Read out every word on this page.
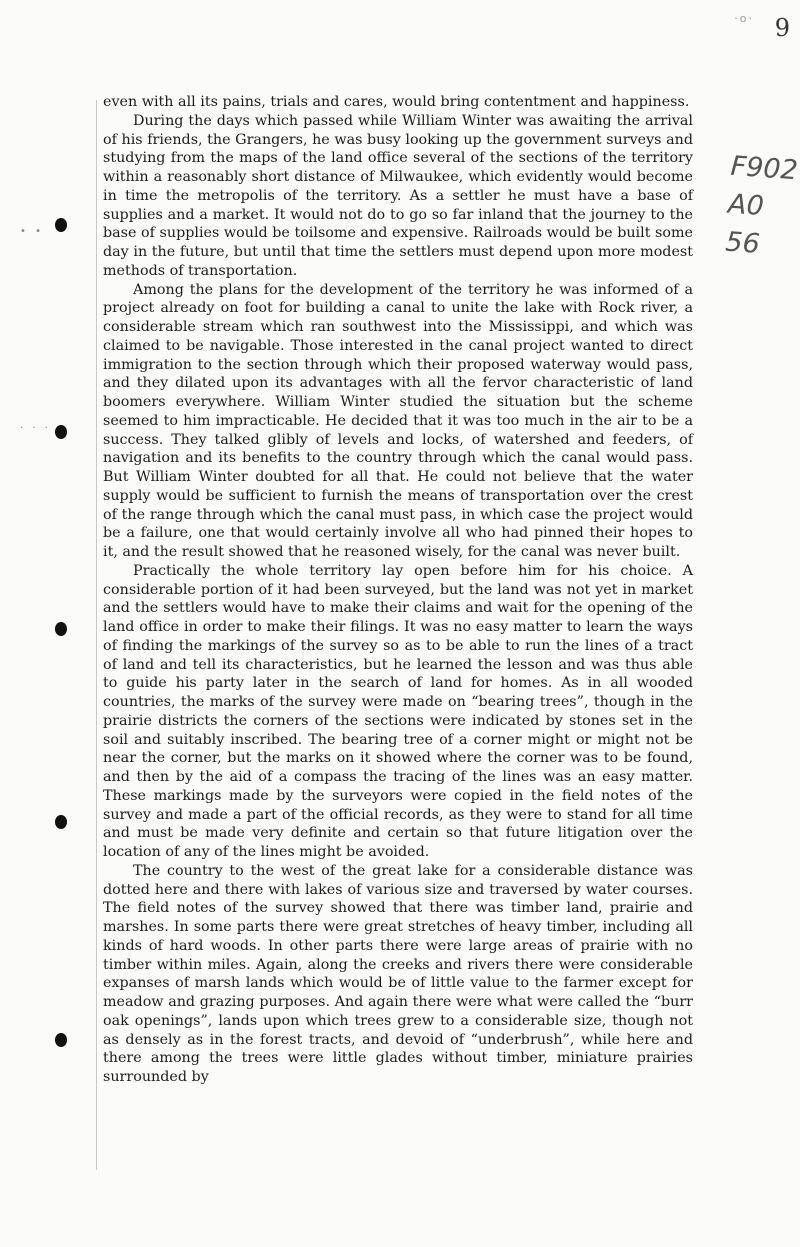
·o· 9
F902
A0
56
• •
· · ·

even with all its pains, trials and cares, would bring contentment and happiness.

During the days which passed while William Winter was awaiting the arrival of his friends, the Grangers, he was busy looking up the government surveys and studying from the maps of the land office several of the sections of the territory within a reasonably short distance of Milwaukee, which evidently would become in time the metropolis of the territory. As a settler he must have a base of supplies and a market. It would not do to go so far inland that the journey to the base of supplies would be toilsome and expensive. Railroads would be built some day in the future, but until that time the settlers must depend upon more modest methods of transportation.

Among the plans for the development of the territory he was informed of a project already on foot for building a canal to unite the lake with Rock river, a considerable stream which ran southwest into the Mississippi, and which was claimed to be navigable. Those interested in the canal project wanted to direct immigration to the section through which their proposed waterway would pass, and they dilated upon its advantages with all the fervor characteristic of land boomers everywhere. William Winter studied the situation but the scheme seemed to him impracticable. He decided that it was too much in the air to be a success. They talked glibly of levels and locks, of watershed and feeders, of navigation and its benefits to the country through which the canal would pass. But William Winter doubted for all that. He could not believe that the water supply would be sufficient to furnish the means of transportation over the crest of the range through which the canal must pass, in which case the project would be a failure, one that would certainly involve all who had pinned their hopes to it, and the result showed that he reasoned wisely, for the canal was never built.

Practically the whole territory lay open before him for his choice. A considerable portion of it had been surveyed, but the land was not yet in market and the settlers would have to make their claims and wait for the opening of the land office in order to make their filings. It was no easy matter to learn the ways of finding the markings of the survey so as to be able to run the lines of a tract of land and tell its characteristics, but he learned the lesson and was thus able to guide his party later in the search of land for homes. As in all wooded countries, the marks of the survey were made on “bearing trees”, though in the prairie districts the corners of the sections were indicated by stones set in the soil and suitably inscribed. The bearing tree of a corner might or might not be near the corner, but the marks on it showed where the corner was to be found, and then by the aid of a compass the tracing of the lines was an easy matter. These markings made by the surveyors were copied in the field notes of the survey and made a part of the official records, as they were to stand for all time and must be made very definite and certain so that future litigation over the location of any of the lines might be avoided.

The country to the west of the great lake for a considerable distance was dotted here and there with lakes of various size and traversed by water courses. The field notes of the survey showed that there was timber land, prairie and marshes. In some parts there were great stretches of heavy timber, including all kinds of hard woods. In other parts there were large areas of prairie with no timber within miles. Again, along the creeks and rivers there were considerable expanses of marsh lands which would be of little value to the farmer except for meadow and grazing purposes. And again there were what were called the “burr oak openings”, lands upon which trees grew to a considerable size, though not as densely as in the forest tracts, and devoid of “underbrush”, while here and there among the trees were little glades without timber, miniature prairies surrounded by
